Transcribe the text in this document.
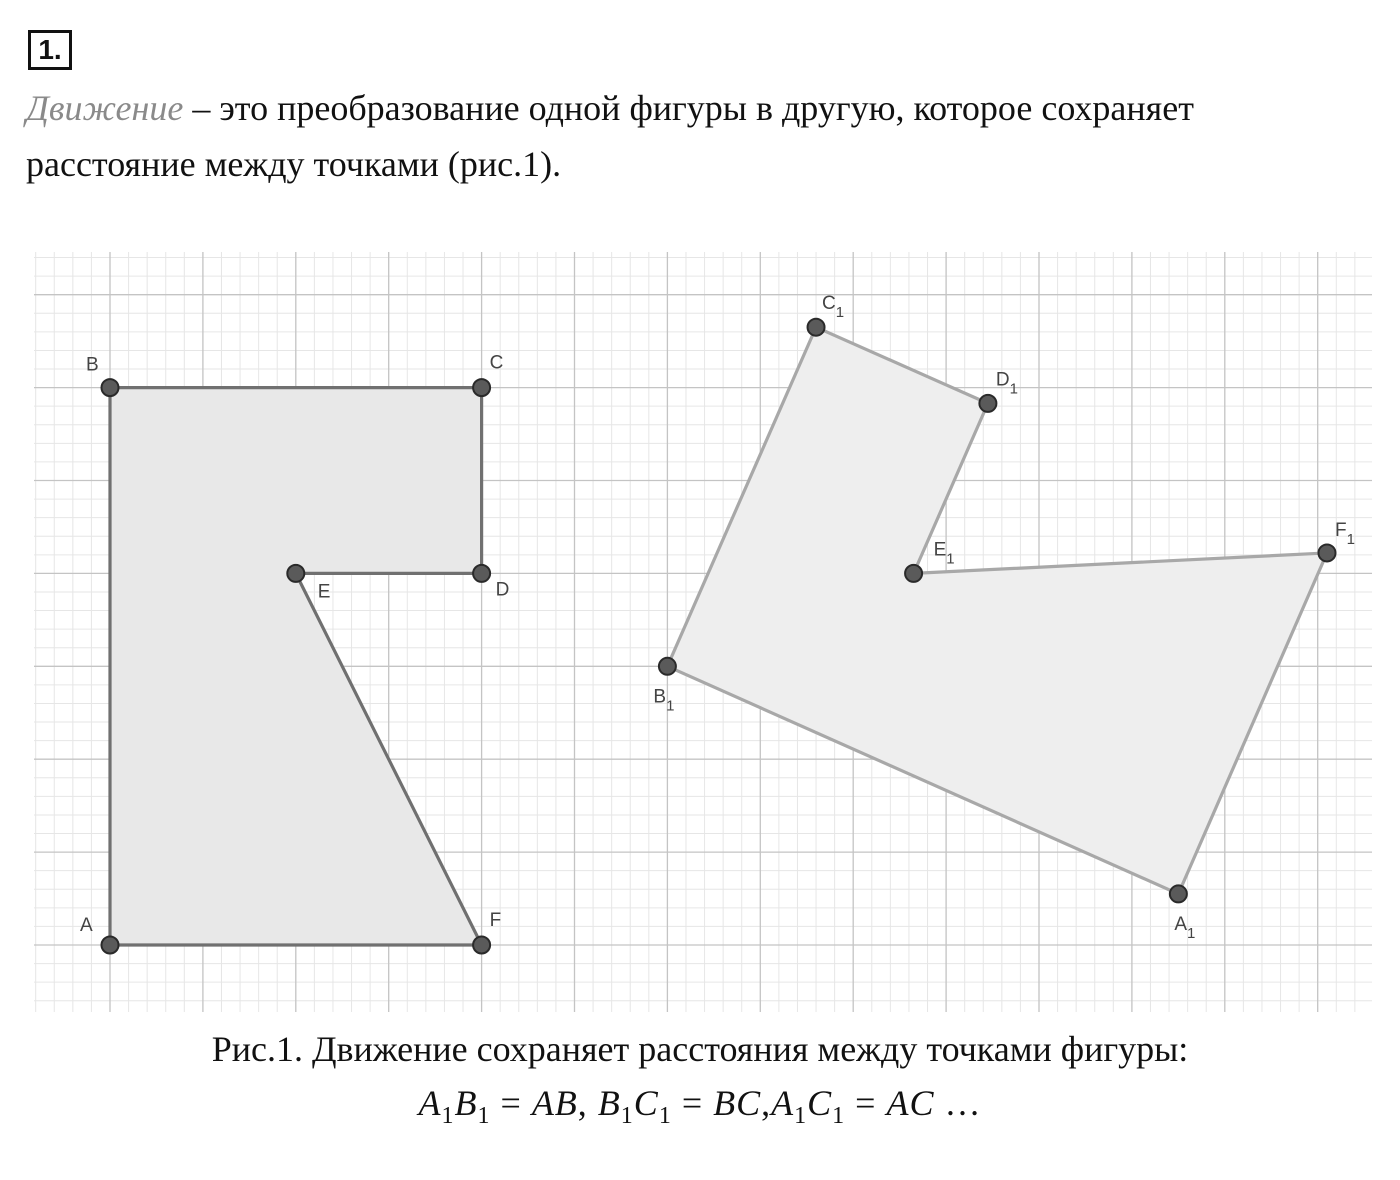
1.

Движение – это преобразование одной фигуры в другую, которое сохраняет
расстояние между точками (рис.1).

A
B	C
D
E
F	$A_1$
$B_1$
$C_1$
$D_1$
$E_1$
$F_1$

Рис.1. Движение сохраняет расстояния между точками фигуры:

$A_1B_1$ = AB, $B_1C_1 = BC,A_1C_1$ = AC …
